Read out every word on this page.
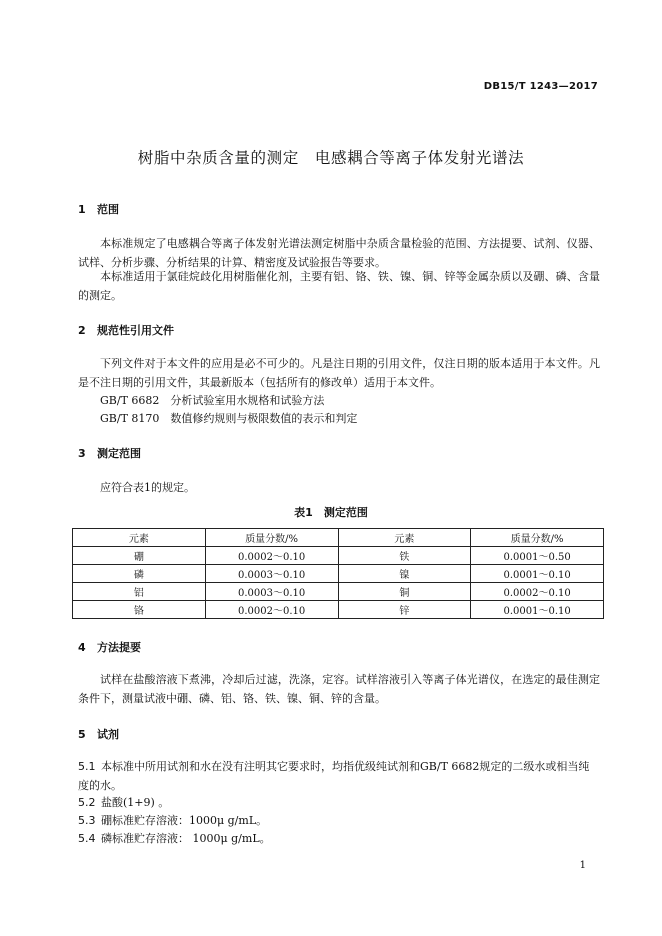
DB15/T 1243—2017
树脂中杂质含量的测定　电感耦合等离子体发射光谱法
1 范围

本标准规定了电感耦合等离子体发射光谱法测定树脂中杂质含量检验的范围、方法提要、试剂、仪器、试样、分析步骤、分析结果的计算、精密度及试验报告等要求。

本标准适用于氯硅烷歧化用树脂催化剂，主要有铝、铬、铁、镍、铜、锌等金属杂质以及硼、磷、含量的测定。

2 规范性引用文件

下列文件对于本文件的应用是必不可少的。凡是注日期的引用文件，仅注日期的版本适用于本文件。凡是不注日期的引用文件，其最新版本（包括所有的修改单）适用于本文件。

GB/T 6682　分析试验室用水规格和试验方法
GB/T 8170　数值修约规则与极限数值的表示和判定
3 测定范围
应符合表1的规定。
表1　测定范围
元素	质量分数/%	元素	质量分数/%
硼	0.0002～0.10	铁	0.0001～0.50
磷	0.0003～0.10	镍	0.0001～0.10
铝	0.0003～0.10	铜	0.0002～0.10
铬	0.0002～0.10	锌	0.0001～0.10
4 方法提要

试样在盐酸溶液下煮沸，冷却后过滤，洗涤，定容。试样溶液引入等离子体光谱仪，在选定的最佳测定条件下，测量试液中硼、磷、铝、铬、铁、镍、铜、锌的含量。

5 试剂
5.1 本标准中所用试剂和水在没有注明其它要求时，均指优级纯试剂和GB/T 6682规定的二级水或相当纯度的水。
5.2 盐酸(1+9) 。
5.3 硼标准贮存溶液：1000μ g/mL。
5.4 磷标准贮存溶液： 1000μ g/mL。
1
